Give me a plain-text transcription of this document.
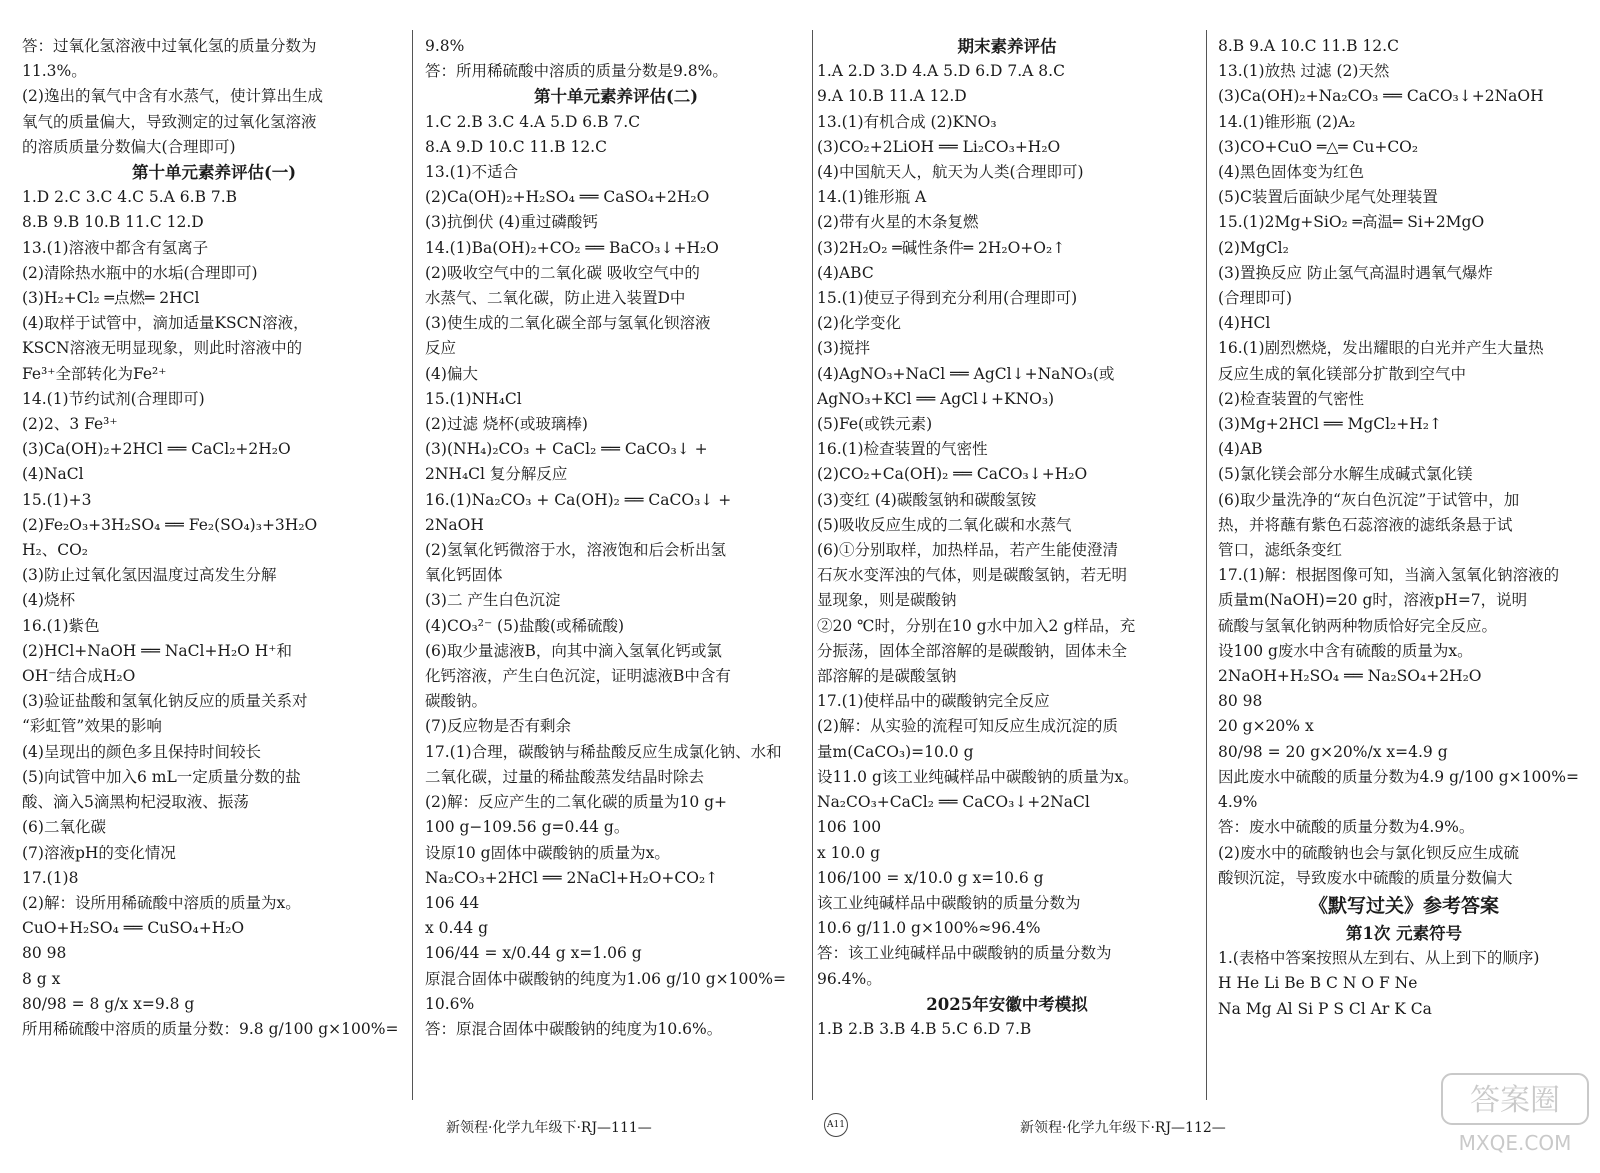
答：过氧化氢溶液中过氧化氢的质量分数为
11.3%。
(2)逸出的氧气中含有水蒸气，使计算出生成
氧气的质量偏大，导致测定的过氧化氢溶液
的溶质质量分数偏大(合理即可)
第十单元素养评估(一)
1.D 2.C 3.C 4.C 5.A 6.B 7.B
8.B 9.B 10.B 11.C 12.D
13.(1)溶液中都含有氢离子
(2)清除热水瓶中的水垢(合理即可)
(3)H₂+Cl₂ ═点燃═ 2HCl
(4)取样于试管中，滴加适量KSCN溶液，
KSCN溶液无明显现象，则此时溶液中的
Fe³⁺全部转化为Fe²⁺
14.(1)节约试剂(合理即可)
(2)2、3 Fe³⁺
(3)Ca(OH)₂+2HCl ══ CaCl₂+2H₂O
(4)NaCl
15.(1)+3
(2)Fe₂O₃+3H₂SO₄ ══ Fe₂(SO₄)₃+3H₂O
H₂、CO₂
(3)防止过氧化氢因温度过高发生分解
(4)烧杯
16.(1)紫色
(2)HCl+NaOH ══ NaCl+H₂O H⁺和
OH⁻结合成H₂O
(3)验证盐酸和氢氧化钠反应的质量关系对
“彩虹管”效果的影响
(4)呈现出的颜色多且保持时间较长
(5)向试管中加入6 mL一定质量分数的盐
酸、滴入5滴黑枸杞浸取液、振荡
(6)二氧化碳
(7)溶液pH的变化情况
17.(1)8
(2)解：设所用稀硫酸中溶质的质量为x。
CuO+H₂SO₄ ══ CuSO₄+H₂O
80 98
8 g x
80/98 = 8 g/x x=9.8 g
所用稀硫酸中溶质的质量分数：9.8 g/100 g×100%=
9.8%
答：所用稀硫酸中溶质的质量分数是9.8%。
第十单元素养评估(二)
1.C 2.B 3.C 4.A 5.D 6.B 7.C
8.A 9.D 10.C 11.B 12.C
13.(1)不适合
(2)Ca(OH)₂+H₂SO₄ ══ CaSO₄+2H₂O
(3)抗倒伏 (4)重过磷酸钙
14.(1)Ba(OH)₂+CO₂ ══ BaCO₃↓+H₂O
(2)吸收空气中的二氧化碳 吸收空气中的
水蒸气、二氧化碳，防止进入装置D中
(3)使生成的二氧化碳全部与氢氧化钡溶液
反应
(4)偏大
15.(1)NH₄Cl
(2)过滤 烧杯(或玻璃棒)
(3)(NH₄)₂CO₃ + CaCl₂ ══ CaCO₃↓ +
2NH₄Cl 复分解反应
16.(1)Na₂CO₃ + Ca(OH)₂ ══ CaCO₃↓ +
2NaOH
(2)氢氧化钙微溶于水，溶液饱和后会析出氢
氧化钙固体
(3)二 产生白色沉淀
(4)CO₃²⁻ (5)盐酸(或稀硫酸)
(6)取少量滤液B，向其中滴入氢氧化钙或氯
化钙溶液，产生白色沉淀，证明滤液B中含有
碳酸钠。
(7)反应物是否有剩余
17.(1)合理，碳酸钠与稀盐酸反应生成氯化钠、水和
二氧化碳，过量的稀盐酸蒸发结晶时除去
(2)解：反应产生的二氧化碳的质量为10 g+
100 g−109.56 g=0.44 g。
设原10 g固体中碳酸钠的质量为x。
Na₂CO₃+2HCl ══ 2NaCl+H₂O+CO₂↑
106 44
x 0.44 g
106/44 = x/0.44 g x=1.06 g
原混合固体中碳酸钠的纯度为1.06 g/10 g×100%=
10.6%
答：原混合固体中碳酸钠的纯度为10.6%。
期末素养评估
1.A 2.D 3.D 4.A 5.D 6.D 7.A 8.C
9.A 10.B 11.A 12.D
13.(1)有机合成 (2)KNO₃
(3)CO₂+2LiOH ══ Li₂CO₃+H₂O
(4)中国航天人，航天为人类(合理即可)
14.(1)锥形瓶 A
(2)带有火星的木条复燃
(3)2H₂O₂ ═碱性条件═ 2H₂O+O₂↑
(4)ABC
15.(1)使豆子得到充分利用(合理即可)
(2)化学变化
(3)搅拌
(4)AgNO₃+NaCl ══ AgCl↓+NaNO₃(或
AgNO₃+KCl ══ AgCl↓+KNO₃)
(5)Fe(或铁元素)
16.(1)检查装置的气密性
(2)CO₂+Ca(OH)₂ ══ CaCO₃↓+H₂O
(3)变红 (4)碳酸氢钠和碳酸氢铵
(5)吸收反应生成的二氧化碳和水蒸气
(6)①分别取样，加热样品，若产生能使澄清
石灰水变浑浊的气体，则是碳酸氢钠，若无明
显现象，则是碳酸钠
②20 ℃时，分别在10 g水中加入2 g样品，充
分振荡，固体全部溶解的是碳酸钠，固体未全
部溶解的是碳酸氢钠
17.(1)使样品中的碳酸钠完全反应
(2)解：从实验的流程可知反应生成沉淀的质
量m(CaCO₃)=10.0 g
设11.0 g该工业纯碱样品中碳酸钠的质量为x。
Na₂CO₃+CaCl₂ ══ CaCO₃↓+2NaCl
106 100
x 10.0 g
106/100 = x/10.0 g x=10.6 g
该工业纯碱样品中碳酸钠的质量分数为
10.6 g/11.0 g×100%≈96.4%
答：该工业纯碱样品中碳酸钠的质量分数为
96.4%。
2025年安徽中考模拟
1.B 2.B 3.B 4.B 5.C 6.D 7.B
8.B 9.A 10.C 11.B 12.C
13.(1)放热 过滤 (2)天然
(3)Ca(OH)₂+Na₂CO₃ ══ CaCO₃↓+2NaOH
14.(1)锥形瓶 (2)A₂
(3)CO+CuO ═△═ Cu+CO₂
(4)黑色固体变为红色
(5)C装置后面缺少尾气处理装置
15.(1)2Mg+SiO₂ ═高温═ Si+2MgO
(2)MgCl₂
(3)置换反应 防止氢气高温时遇氧气爆炸
(合理即可)
(4)HCl
16.(1)剧烈燃烧，发出耀眼的白光并产生大量热
反应生成的氧化镁部分扩散到空气中
(2)检查装置的气密性
(3)Mg+2HCl ══ MgCl₂+H₂↑
(4)AB
(5)氯化镁会部分水解生成碱式氯化镁
(6)取少量洗净的“灰白色沉淀”于试管中，加
热，并将蘸有紫色石蕊溶液的滤纸条悬于试
管口，滤纸条变红
17.(1)解：根据图像可知，当滴入氢氧化钠溶液的
质量m(NaOH)=20 g时，溶液pH=7，说明
硫酸与氢氧化钠两种物质恰好完全反应。
设100 g废水中含有硫酸的质量为x。
2NaOH+H₂SO₄ ══ Na₂SO₄+2H₂O
80 98
20 g×20% x
80/98 = 20 g×20%/x x=4.9 g
因此废水中硫酸的质量分数为4.9 g/100 g×100%=
4.9%
答：废水中硫酸的质量分数为4.9%。
(2)废水中的硫酸钠也会与氯化钡反应生成硫
酸钡沉淀，导致废水中硫酸的质量分数偏大
《默写过关》参考答案
第1次 元素符号
1.(表格中答案按照从左到右、从上到下的顺序)
H He Li Be B C N O F Ne
Na Mg Al Si P S Cl Ar K Ca
新领程·化学九年级下·RJ—111—	A11	新领程·化学九年级下·RJ—112—
答案圈
MXQE.COM
